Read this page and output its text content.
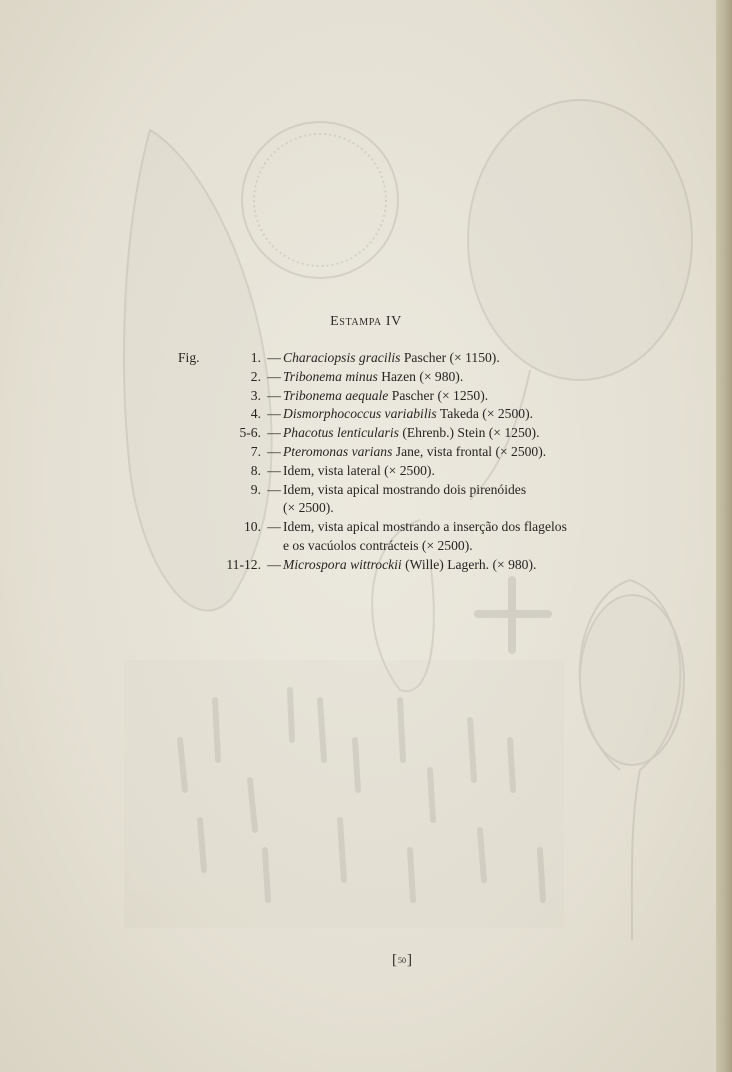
Estampa IV
Fig.	1. — Characiopsis gracilis Pascher (× 1150).
2. — Tribonema minus Hazen (× 980).
3. — Tribonema aequale Pascher (× 1250).
4. — Dismorphococcus variabilis Takeda (× 2500).
5-6. — Phacotus lenticularis (Ehrenb.) Stein (× 1250).
7. — Pteromonas varians Jane, vista frontal (× 2500).
8. — Idem, vista lateral (× 2500).
9. — Idem, vista apical mostrando dois pirenóides
(× 2500).
10. — Idem, vista apical mostrando a inserção dos flagelos
e os vacúolos contrácteis (× 2500).
11-12. — Microspora wittrockii (Wille) Lagerh. (× 980).
[50]
